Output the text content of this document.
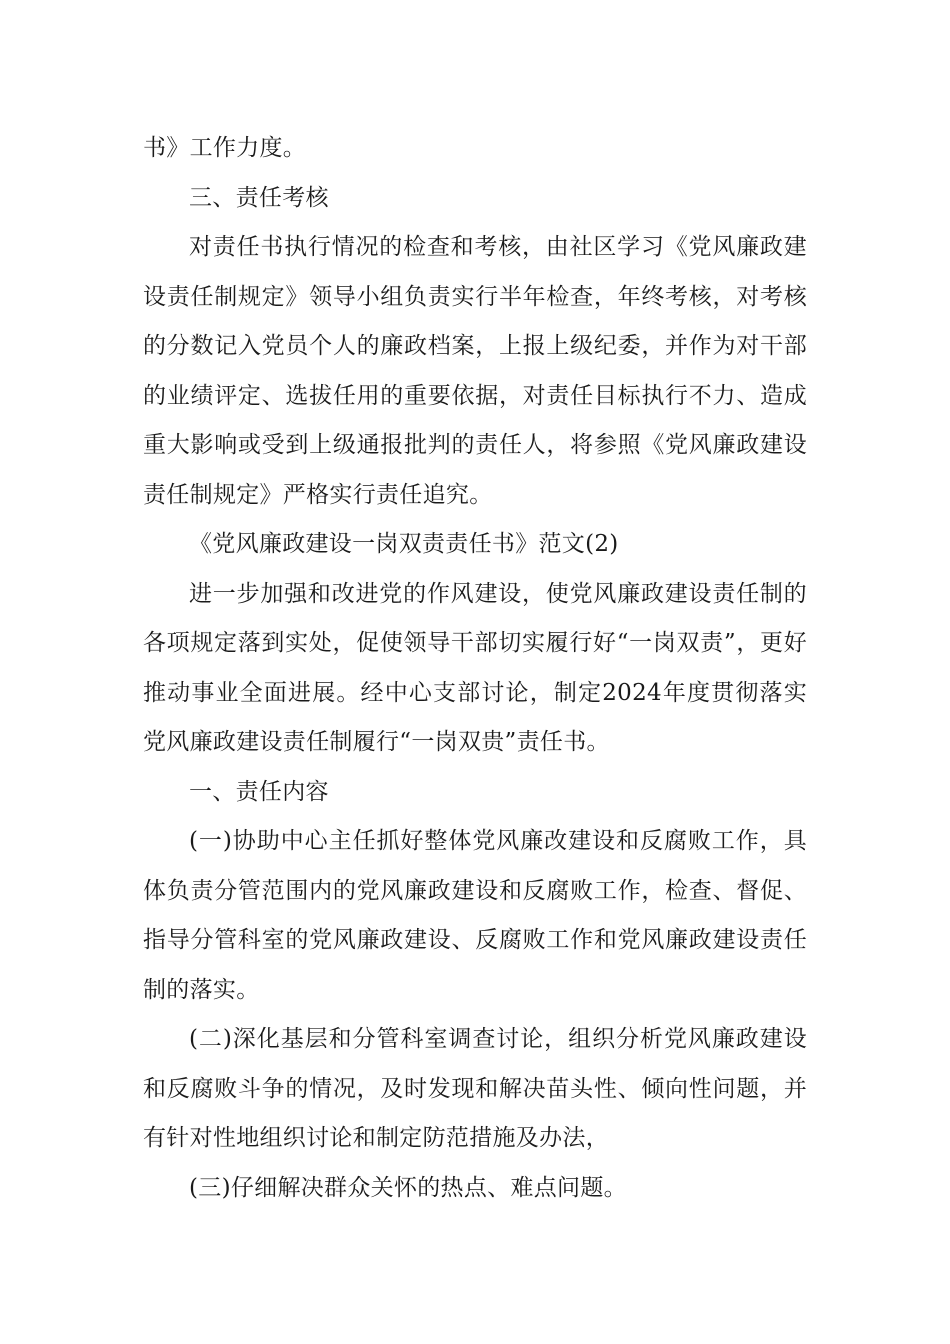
书》工作力度。

三、责任考核

对责任书执行情况的检查和考核，由社区学习《党风廉政建设责任制规定》领导小组负责实行半年检查，年终考核，对考核的分数记入党员个人的廉政档案，上报上级纪委，并作为对干部的业绩评定、选拔任用的重要依据，对责任目标执行不力、造成重大影响或受到上级通报批判的责任人，将参照《党风廉政建设责任制规定》严格实行责任追究。

《党风廉政建设一岗双责责任书》范文(2)

进一步加强和改进党的作风建设，使党风廉政建设责任制的各项规定落到实处，促使领导干部切实履行好“一岗双责”，更好推动事业全面进展。经中心支部讨论，制定2024年度贯彻落实党风廉政建设责任制履行“一岗双贵”责任书。

一、责任内容

(一)协助中心主任抓好整体党风廉改建设和反腐败工作，具体负责分管范围内的党风廉政建设和反腐败工作，检查、督促、指导分管科室的党风廉政建设、反腐败工作和党风廉政建设责任制的落实。

(二)深化基层和分管科室调查讨论，组织分析党风廉政建设和反腐败斗争的情况，及时发现和解决苗头性、倾向性问题，并有针对性地组织讨论和制定防范措施及办法，

(三)仔细解决群众关怀的热点、难点问题。
